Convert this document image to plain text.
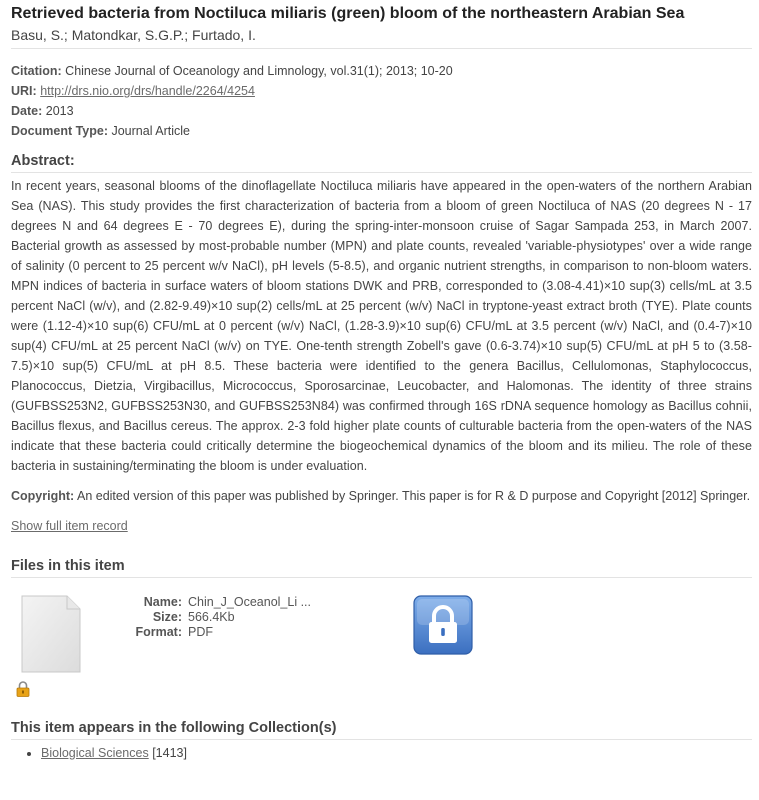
Retrieved bacteria from Noctiluca miliaris (green) bloom of the northeastern Arabian Sea
Basu, S.; Matondkar, S.G.P.; Furtado, I.
Citation: Chinese Journal of Oceanology and Limnology, vol.31(1); 2013; 10-20
URI: http://drs.nio.org/drs/handle/2264/4254
Date: 2013
Document Type: Journal Article
Abstract:

In recent years, seasonal blooms of the dinoflagellate Noctiluca miliaris have appeared in the open-waters of the northern Arabian Sea (NAS). This study provides the first characterization of bacteria from a bloom of green Noctiluca of NAS (20 degrees N - 17 degrees N and 64 degrees E - 70 degrees E), during the spring-inter-monsoon cruise of Sagar Sampada 253, in March 2007. Bacterial growth as assessed by most-probable number (MPN) and plate counts, revealed 'variable-physiotypes' over a wide range of salinity (0 percent to 25 percent w/v NaCl), pH levels (5-8.5), and organic nutrient strengths, in comparison to non-bloom waters. MPN indices of bacteria in surface waters of bloom stations DWK and PRB, corresponded to (3.08-4.41)×10 sup(3) cells/mL at 3.5 percent NaCl (w/v), and (2.82-9.49)×10 sup(2) cells/mL at 25 percent (w/v) NaCl in tryptone-yeast extract broth (TYE). Plate counts were (1.12-4)×10 sup(6) CFU/mL at 0 percent (w/v) NaCl, (1.28-3.9)×10 sup(6) CFU/mL at 3.5 percent (w/v) NaCl, and (0.4-7)×10 sup(4) CFU/mL at 25 percent NaCl (w/v) on TYE. One-tenth strength Zobell's gave (0.6-3.74)×10 sup(5) CFU/mL at pH 5 to (3.58-7.5)×10 sup(5) CFU/mL at pH 8.5. These bacteria were identified to the genera Bacillus, Cellulomonas, Staphylococcus, Planococcus, Dietzia, Virgibacillus, Micrococcus, Sporosarcinae, Leucobacter, and Halomonas. The identity of three strains (GUFBSS253N2, GUFBSS253N30, and GUFBSS253N84) was confirmed through 16S rDNA sequence homology as Bacillus cohnii, Bacillus flexus, and Bacillus cereus. The approx. 2-3 fold higher plate counts of culturable bacteria from the open-waters of the NAS indicate that these bacteria could critically determine the biogeochemical dynamics of the bloom and its milieu. The role of these bacteria in sustaining/terminating the bloom is under evaluation.

Copyright: An edited version of this paper was published by Springer. This paper is for R & D purpose and Copyright [2012] Springer.
Show full item record
Files in this item
Name: Chin_J_Oceanol_Li ...
Size: 566.4Kb
Format: PDF
This item appears in the following Collection(s)
• Biological Sciences [1413]
